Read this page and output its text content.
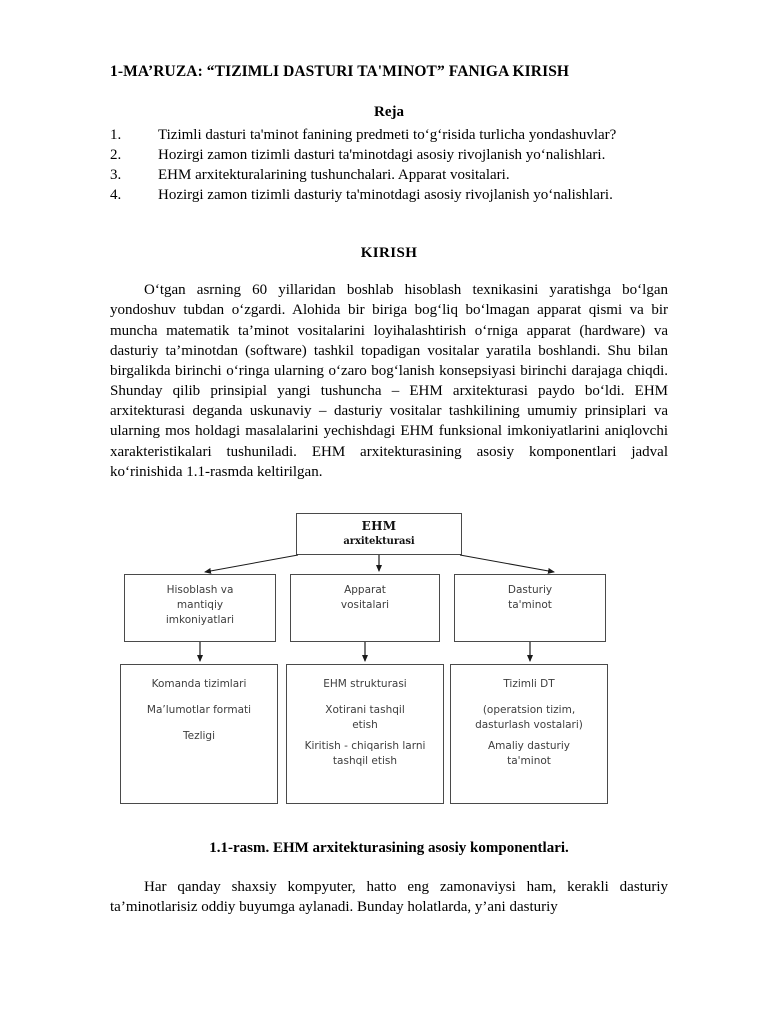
1-MA’RUZA: “TIZIMLI DASTURI TA'MINOT” FANIGA KIRISH
Reja
1.	Tizimli dasturi ta'minot fanining predmeti to‘g‘risida turlicha yondashuvlar?
2.	Hozirgi zamon tizimli dasturi ta'minotdagi asosiy rivojlanish yo‘nalishlari.
3.	EHM arxitekturalarining tushunchalari. Apparat vositalari.
4.	Hozirgi zamon tizimli dasturiy ta'minotdagi asosiy rivojlanish yo‘nalishlari.
KIRISH

O‘tgan asrning 60 yillaridan boshlab hisoblash texnikasini yaratishga bo‘lgan yondoshuv tubdan o‘zgardi. Alohida bir biriga bog‘liq bo‘lmagan apparat qismi va bir muncha matematik ta’minot vositalarini loyihalashtirish o‘rniga apparat (hardware) va dasturiy ta’minotdan (software) tashkil topadigan vositalar yaratila boshlandi. Shu bilan birgalikda birinchi o‘ringa ularning o‘zaro bog‘lanish konsepsiyasi birinchi darajaga chiqdi. Shunday qilib prinsipial yangi tushuncha – EHM arxitekturasi paydo bo‘ldi. EHM arxitekturasi deganda uskunaviy – dasturiy vositalar tashkilining umumiy prinsiplari va ularning mos holdagi masalalarini yechishdagi EHM funksional imkoniyatlarini aniqlovchi xarakteristikalari tushuniladi. EHM arxitekturasining asosiy komponentlari jadval ko‘rinishida 1.1-rasmda keltirilgan.

EHM
arxitekturasi
Hisoblash va
mantiqiy
imkoniyatlari
Apparat
vositalari
Dasturiy
ta'minot
Komanda tizimlari
Ma’lumotlar formati
Tezligi
EHM strukturasi
Xotirani tashqil
etish
Kiritish - chiqarish larni
tashqil etish
Tizimli DT
(operatsion tizim,
dasturlash vostalari)
Amaliy dasturiy
ta'minot
1.1-rasm. EHM arxitekturasining asosiy komponentlari.

Har qanday shaxsiy kompyuter, hatto eng zamonaviysi ham, kerakli dasturiy ta’minotlarisiz oddiy buyumga aylanadi. Bunday holatlarda, y’ani dasturiy
